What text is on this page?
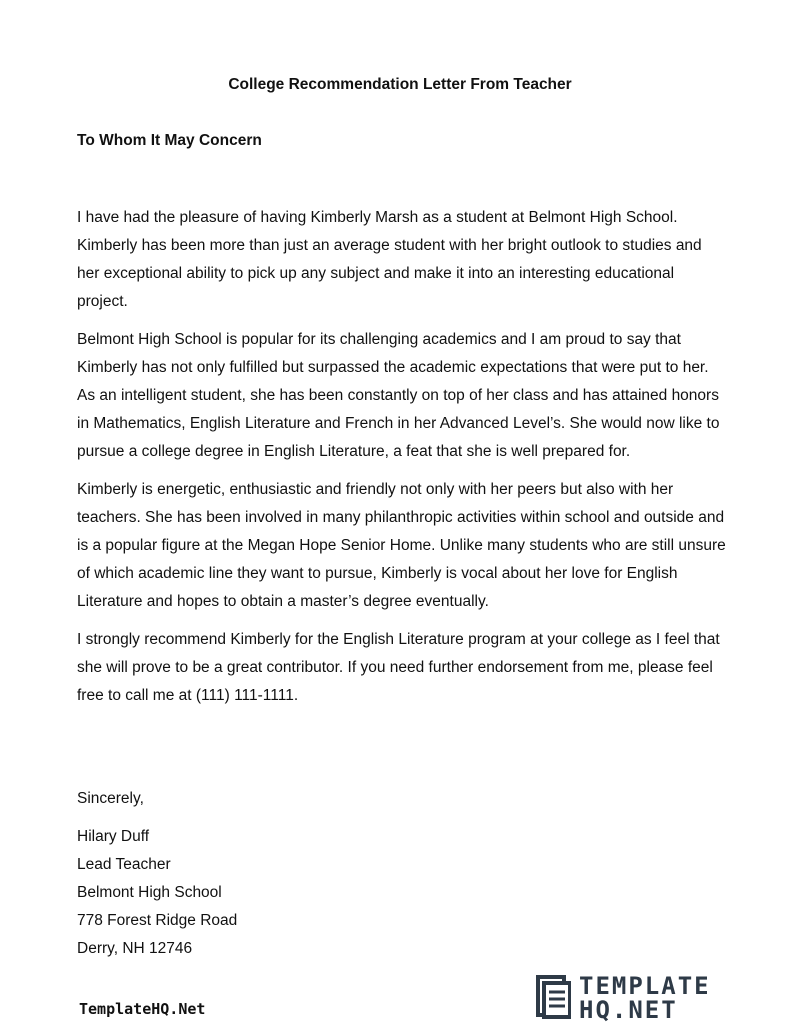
College Recommendation Letter From Teacher
To Whom It May Concern

I have had the pleasure of having Kimberly Marsh as a student at Belmont High School. Kimberly has been more than just an average student with her bright outlook to studies and her exceptional ability to pick up any subject and make it into an interesting educational project.

Belmont High School is popular for its challenging academics and I am proud to say that Kimberly has not only fulfilled but surpassed the academic expectations that were put to her. As an intelligent student, she has been constantly on top of her class and has attained honors in Mathematics, English Literature and French in her Advanced Level’s. She would now like to pursue a college degree in English Literature, a feat that she is well prepared for.

Kimberly is energetic, enthusiastic and friendly not only with her peers but also with her teachers. She has been involved in many philanthropic activities within school and outside and is a popular figure at the Megan Hope Senior Home. Unlike many students who are still unsure of which academic line they want to pursue, Kimberly is vocal about her love for English Literature and hopes to obtain a master’s degree eventually.

I strongly recommend Kimberly for the English Literature program at your college as I feel that she will prove to be a great contributor. If you need further endorsement from me, please feel free to call me at (111) 111-1111.

Sincerely,
Hilary Duff
Lead Teacher
Belmont High School
778 Forest Ridge Road
Derry, NH 12746
TemplateHQ.Net
TEMPLATE
HQ.NET
